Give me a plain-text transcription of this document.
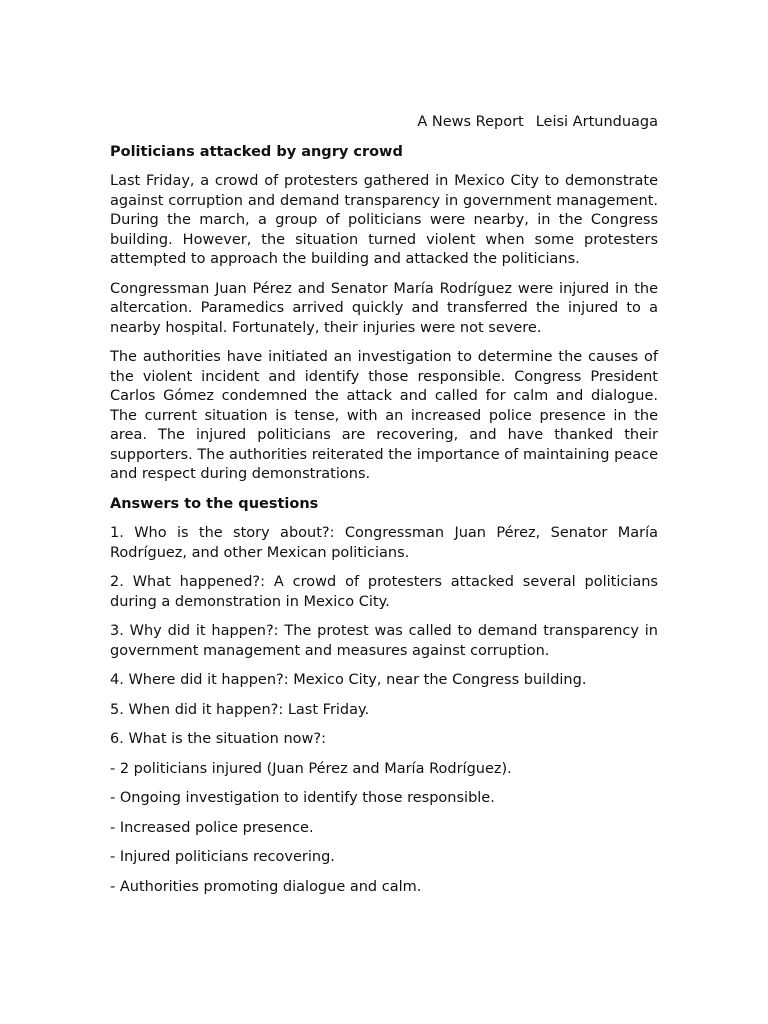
A News Report Leisi Artunduaga
Politicians attacked by angry crowd

Last Friday, a crowd of protesters gathered in Mexico City to demonstrate against corruption and demand transparency in government management. During the march, a group of politicians were nearby, in the Congress building. However, the situation turned violent when some protesters attempted to approach the building and attacked the politicians.

Congressman Juan Pérez and Senator María Rodríguez were injured in the altercation. Paramedics arrived quickly and transferred the injured to a nearby hospital. Fortunately, their injuries were not severe.

The authorities have initiated an investigation to determine the causes of the violent incident and identify those responsible. Congress President Carlos Gómez condemned the attack and called for calm and dialogue. The current situation is tense, with an increased police presence in the area. The injured politicians are recovering, and have thanked their supporters. The authorities reiterated the importance of maintaining peace and respect during demonstrations.

Answers to the questions

1. Who is the story about?: Congressman Juan Pérez, Senator María Rodríguez, and other Mexican politicians.

2. What happened?: A crowd of protesters attacked several politicians during a demonstration in Mexico City.

3. Why did it happen?: The protest was called to demand transparency in government management and measures against corruption.

4. Where did it happen?: Mexico City, near the Congress building.

5. When did it happen?: Last Friday.

6. What is the situation now?:

- 2 politicians injured (Juan Pérez and María Rodríguez).

- Ongoing investigation to identify those responsible.

- Increased police presence.

- Injured politicians recovering.

- Authorities promoting dialogue and calm.
